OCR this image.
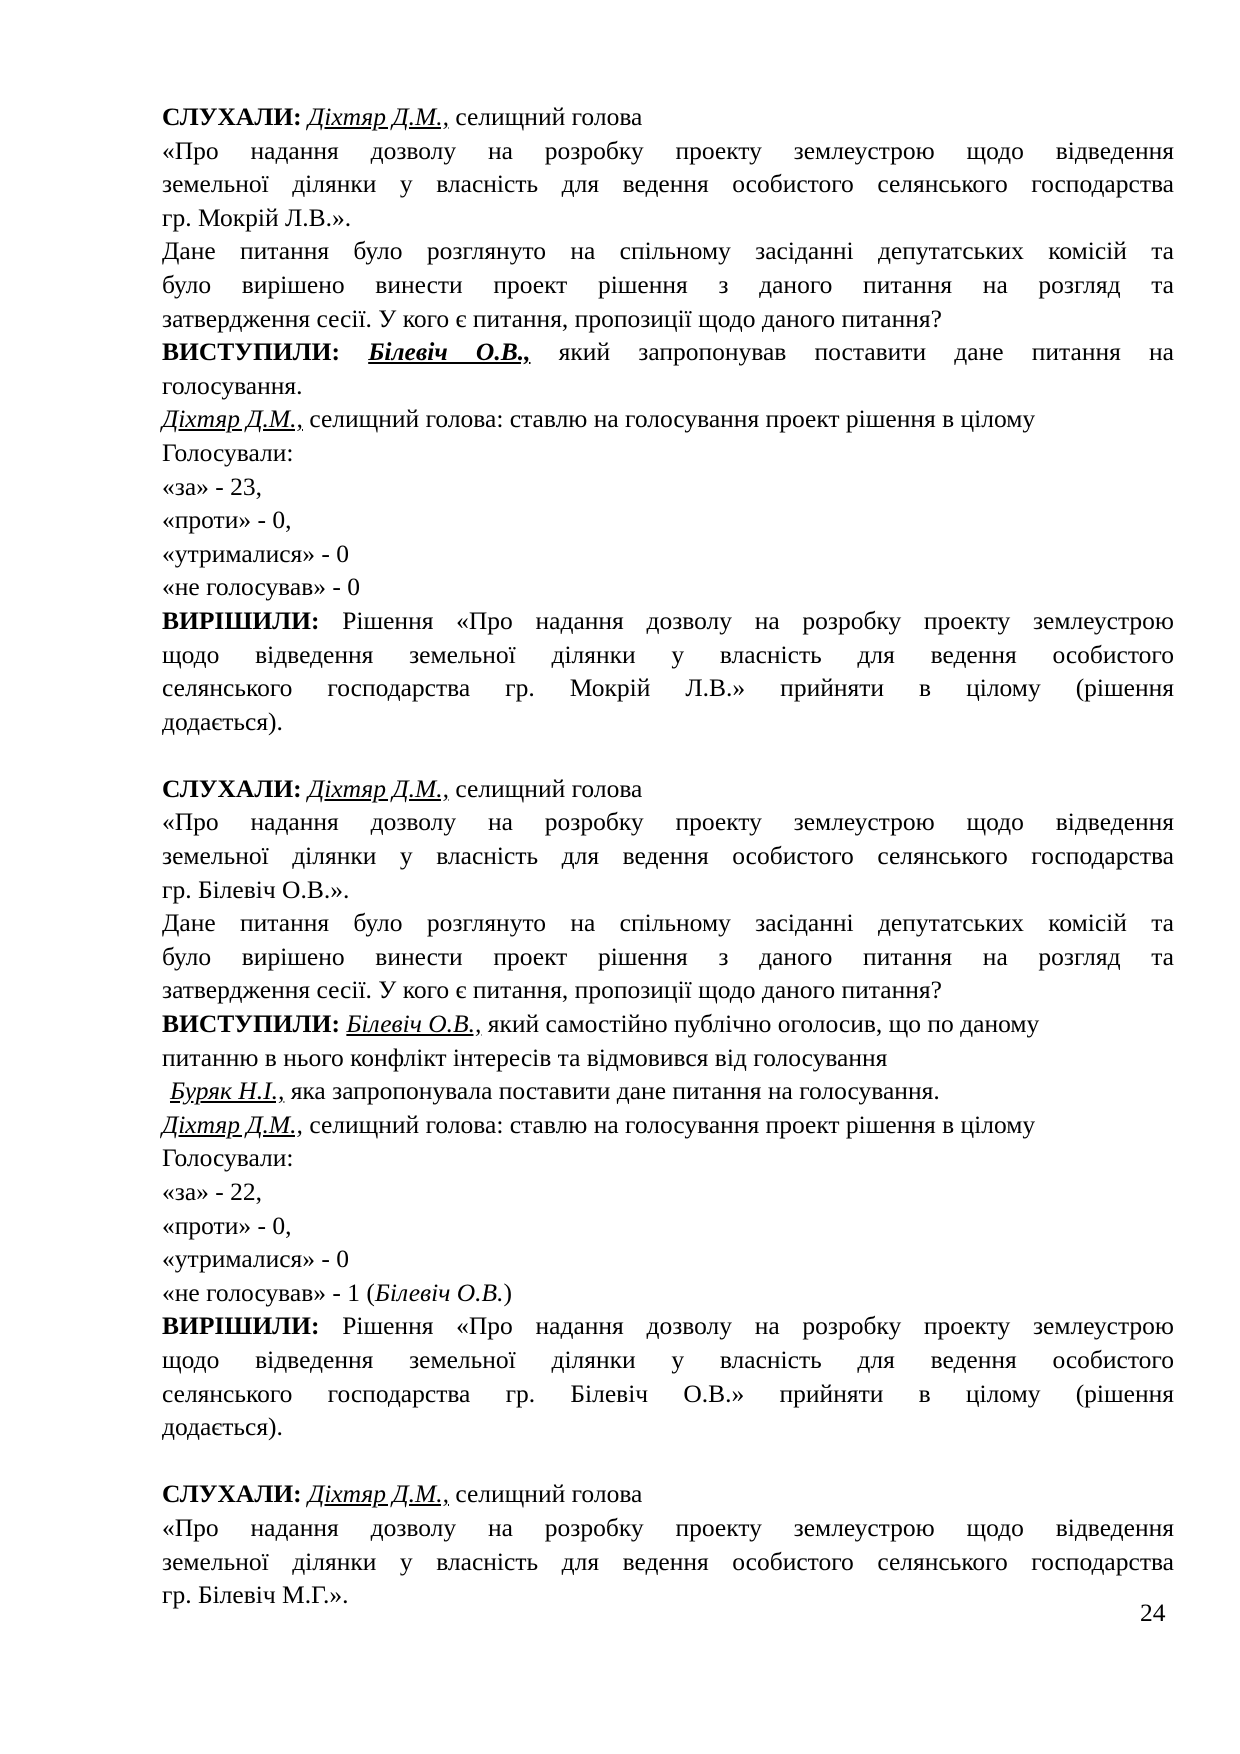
СЛУХАЛИ: Діхтяр Д.М., селищний голова
«Про надання дозволу на розробку проекту землеустрою щодо відведення
земельної ділянки у власність для ведення особистого селянського господарства
гр. Мокрій Л.В.».
Дане питання було розглянуто на спільному засіданні депутатських комісій та
було вирішено винести проект рішення з даного питання на розгляд та
затвердження сесії. У кого є питання, пропозиції щодо даного питання?
ВИСТУПИЛИ: Білевіч О.В., який запропонував поставити дане питання на
голосування.
Діхтяр Д.М., селищний голова: ставлю на голосування проект рішення в цілому
Голосували:
«за» - 23,
«проти» - 0,
«утрималися» - 0
«не голосував» - 0
ВИРІШИЛИ: Рішення «Про надання дозволу на розробку проекту землеустрою
щодо відведення земельної ділянки у власність для ведення особистого
селянського господарства гр. Мокрій Л.В.» прийняти в цілому (рішення
додається).
СЛУХАЛИ: Діхтяр Д.М., селищний голова
«Про надання дозволу на розробку проекту землеустрою щодо відведення
земельної ділянки у власність для ведення особистого селянського господарства
гр. Білевіч О.В.».
Дане питання було розглянуто на спільному засіданні депутатських комісій та
було вирішено винести проект рішення з даного питання на розгляд та
затвердження сесії. У кого є питання, пропозиції щодо даного питання?
ВИСТУПИЛИ: Білевіч О.В., який самостійно публічно оголосив, що по даному
питанню в нього конфлікт інтересів та відмовився від голосування
Буряк Н.І., яка запропонувала поставити дане питання на голосування.
Діхтяр Д.М., селищний голова: ставлю на голосування проект рішення в цілому
Голосували:
«за» - 22,
«проти» - 0,
«утрималися» - 0
«не голосував» - 1 (Білевіч О.В.)
ВИРІШИЛИ: Рішення «Про надання дозволу на розробку проекту землеустрою
щодо відведення земельної ділянки у власність для ведення особистого
селянського господарства гр. Білевіч О.В.» прийняти в цілому (рішення
додається).
СЛУХАЛИ: Діхтяр Д.М., селищний голова
«Про надання дозволу на розробку проекту землеустрою щодо відведення
земельної ділянки у власність для ведення особистого селянського господарства
гр. Білевіч М.Г.».
24
